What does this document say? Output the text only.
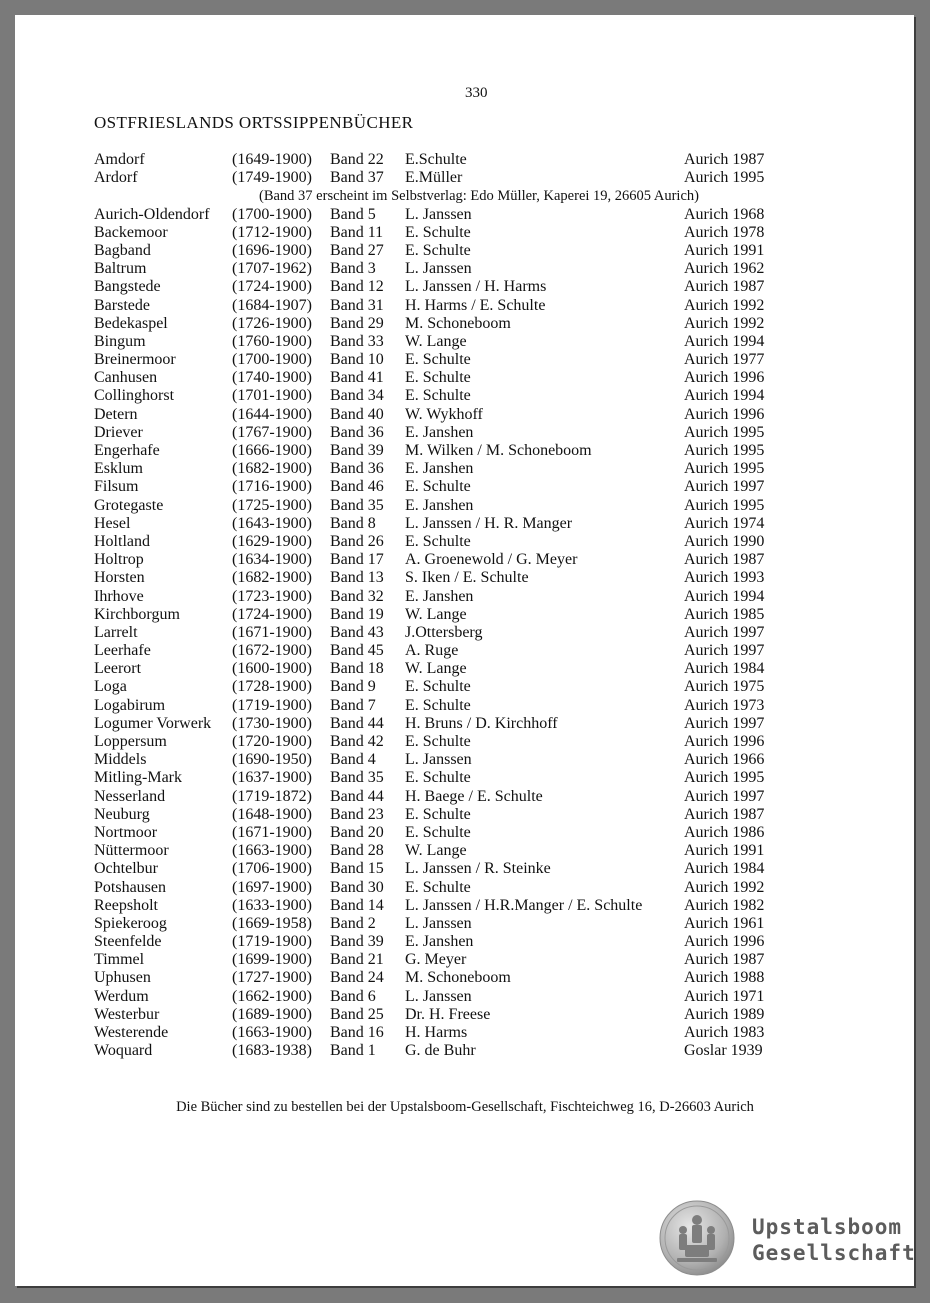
330
OSTFRIESLANDS ORTSSIPPENBÜCHER
Amdorf	(1649-1900) Band 22 E.Schulte	Aurich 1987
Ardorf	(1749-1900) Band 37 E.Müller	Aurich 1995
(Band 37 erscheint im Selbstverlag: Edo Müller, Kaperei 19, 26605 Aurich)
Aurich-Oldendorf (1700-1900) Band 5 L. Janssen	Aurich 1968
Backemoor	(1712-1900) Band 11 E. Schulte	Aurich 1978
Bagband	(1696-1900) Band 27 E. Schulte	Aurich 1991
Baltrum	(1707-1962) Band 3 L. Janssen	Aurich 1962
Bangstede	(1724-1900) Band 12 L. Janssen / H. Harms	Aurich 1987
Barstede	(1684-1907) Band 31 H. Harms / E. Schulte	Aurich 1992
Bedekaspel	(1726-1900) Band 29 M. Schoneboom	Aurich 1992
Bingum	(1760-1900) Band 33 W. Lange	Aurich 1994
Breinermoor	(1700-1900) Band 10 E. Schulte	Aurich 1977
Canhusen	(1740-1900) Band 41 E. Schulte	Aurich 1996
Collinghorst	(1701-1900) Band 34 E. Schulte	Aurich 1994
Detern	(1644-1900) Band 40 W. Wykhoff	Aurich 1996
Driever	(1767-1900) Band 36 E. Janshen	Aurich 1995
Engerhafe	(1666-1900) Band 39 M. Wilken / M. Schoneboom	Aurich 1995
Esklum	(1682-1900) Band 36 E. Janshen	Aurich 1995
Filsum	(1716-1900) Band 46 E. Schulte	Aurich 1997
Grotegaste	(1725-1900) Band 35 E. Janshen	Aurich 1995
Hesel	(1643-1900) Band 8 L. Janssen / H. R. Manger	Aurich 1974
Holtland	(1629-1900) Band 26 E. Schulte	Aurich 1990
Holtrop	(1634-1900) Band 17 A. Groenewold / G. Meyer	Aurich 1987
Horsten	(1682-1900) Band 13 S. Iken / E. Schulte	Aurich 1993
Ihrhove	(1723-1900) Band 32 E. Janshen	Aurich 1994
Kirchborgum	(1724-1900) Band 19 W. Lange	Aurich 1985
Larrelt	(1671-1900) Band 43 J.Ottersberg	Aurich 1997
Leerhafe	(1672-1900) Band 45 A. Ruge	Aurich 1997
Leerort	(1600-1900) Band 18 W. Lange	Aurich 1984
Loga	(1728-1900) Band 9 E. Schulte	Aurich 1975
Logabirum	(1719-1900) Band 7 E. Schulte	Aurich 1973
Logumer Vorwerk (1730-1900) Band 44 H. Bruns / D. Kirchhoff	Aurich 1997
Loppersum	(1720-1900) Band 42 E. Schulte	Aurich 1996
Middels	(1690-1950) Band 4 L. Janssen	Aurich 1966
Mitling-Mark	(1637-1900) Band 35 E. Schulte	Aurich 1995
Nesserland	(1719-1872) Band 44 H. Baege / E. Schulte	Aurich 1997
Neuburg	(1648-1900) Band 23 E. Schulte	Aurich 1987
Nortmoor	(1671-1900) Band 20 E. Schulte	Aurich 1986
Nüttermoor	(1663-1900) Band 28 W. Lange	Aurich 1991
Ochtelbur	(1706-1900) Band 15 L. Janssen / R. Steinke	Aurich 1984
Potshausen	(1697-1900) Band 30 E. Schulte	Aurich 1992
Reepsholt	(1633-1900) Band 14 L. Janssen / H.R.Manger / E. Schulte	Aurich 1982
Spiekeroog	(1669-1958) Band 2 L. Janssen	Aurich 1961
Steenfelde	(1719-1900) Band 39 E. Janshen	Aurich 1996
Timmel	(1699-1900) Band 21 G. Meyer	Aurich 1987
Uphusen	(1727-1900) Band 24 M. Schoneboom	Aurich 1988
Werdum	(1662-1900) Band 6 L. Janssen	Aurich 1971
Westerbur	(1689-1900) Band 25 Dr. H. Freese	Aurich 1989
Westerende	(1663-1900) Band 16 H. Harms	Aurich 1983
Woquard	(1683-1938) Band 1 G. de Buhr	Goslar 1939
Die Bücher sind zu bestellen bei der Upstalsboom-Gesellschaft, Fischteichweg 16, D-26603 Aurich
Upstalsboom
Gesellschaft
